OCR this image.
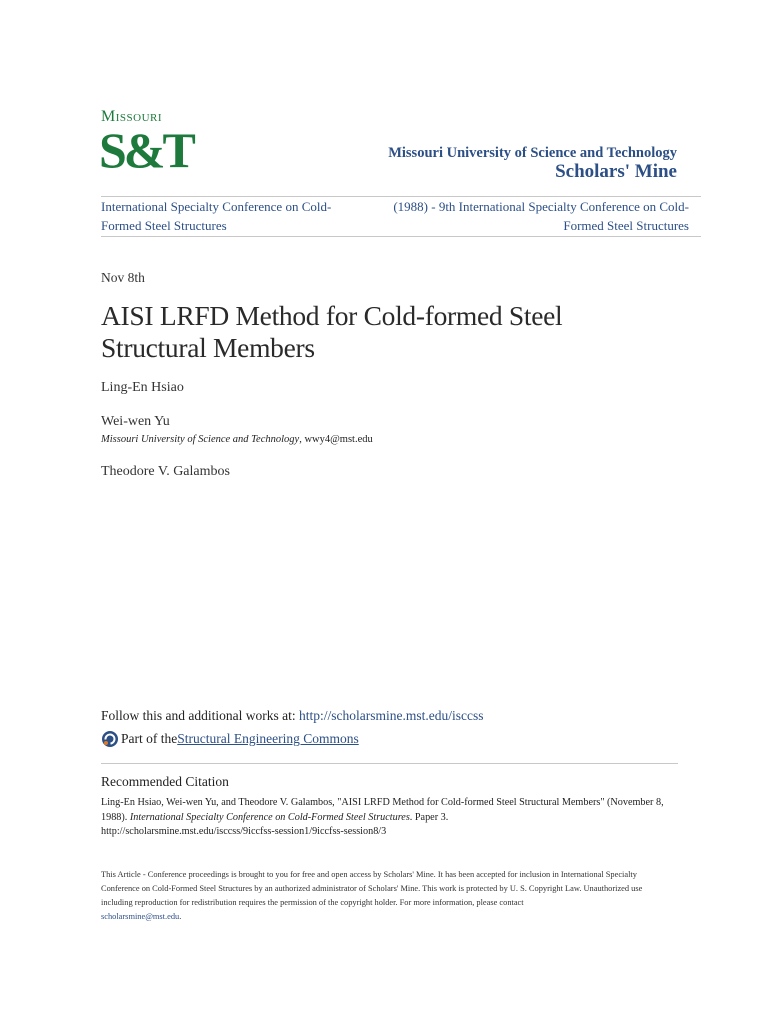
Missouri
S&T	Missouri University of Science and Technology
Scholars' Mine
International Specialty Conference on Cold-Formed Steel Structures
(1988) - 9th International Specialty Conference on Cold-Formed Steel Structures
Nov 8th
AISI LRFD Method for Cold-formed Steel Structural Members
Ling-En Hsiao
Wei-wen Yu
Missouri University of Science and Technology, wwy4@mst.edu
Theodore V. Galambos
Follow this and additional works at: http://scholarsmine.mst.edu/isccss
Part of the Structural Engineering Commons
Recommended Citation
Ling-En Hsiao, Wei-wen Yu, and Theodore V. Galambos, "AISI LRFD Method for Cold-formed Steel Structural Members" (November 8, 1988). International Specialty Conference on Cold-Formed Steel Structures. Paper 3.
http://scholarsmine.mst.edu/isccss/9iccfss-session1/9iccfss-session8/3
This Article - Conference proceedings is brought to you for free and open access by Scholars' Mine. It has been accepted for inclusion in International Specialty Conference on Cold-Formed Steel Structures by an authorized administrator of Scholars' Mine. This work is protected by U. S. Copyright Law. Unauthorized use including reproduction for redistribution requires the permission of the copyright holder. For more information, please contact
scholarsmine@mst.edu.
